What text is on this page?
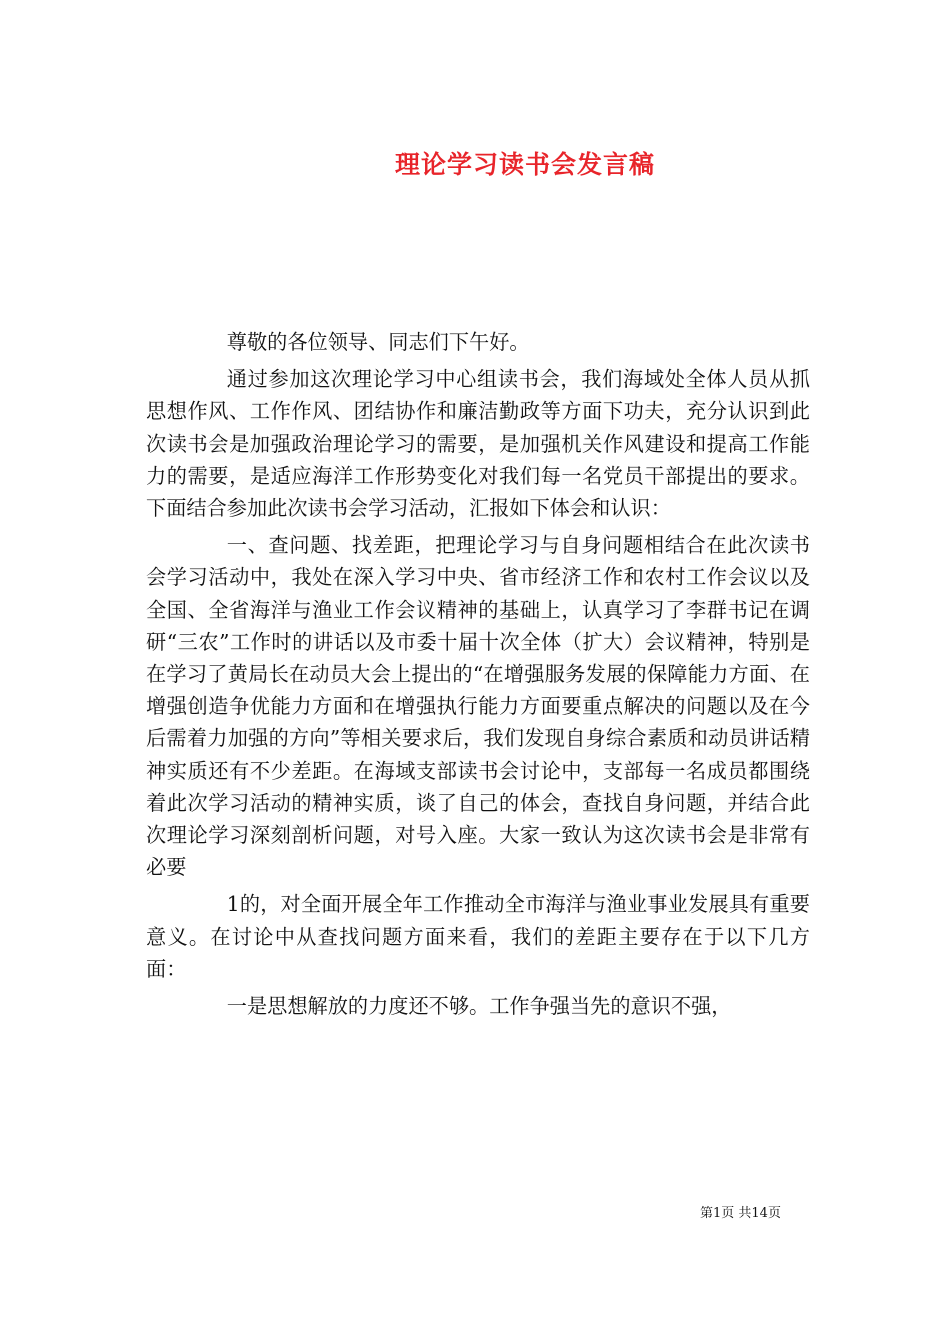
理论学习读书会发言稿

尊敬的各位领导、同志们下午好。

通过参加这次理论学习中心组读书会，我们海域处全体人员从抓思想作风、工作作风、团结协作和廉洁勤政等方面下功夫，充分认识到此次读书会是加强政治理论学习的需要，是加强机关作风建设和提高工作能力的需要，是适应海洋工作形势变化对我们每一名党员干部提出的要求。下面结合参加此次读书会学习活动，汇报如下体会和认识：

一、查问题、找差距，把理论学习与自身问题相结合在此次读书会学习活动中，我处在深入学习中央、省市经济工作和农村工作会议以及全国、全省海洋与渔业工作会议精神的基础上，认真学习了李群书记在调研“三农”工作时的讲话以及市委十届十次全体（扩大）会议精神，特别是在学习了黄局长在动员大会上提出的“在增强服务发展的保障能力方面、在增强创造争优能力方面和在增强执行能力方面要重点解决的问题以及在今后需着力加强的方向”等相关要求后，我们发现自身综合素质和动员讲话精神实质还有不少差距。在海域支部读书会讨论中，支部每一名成员都围绕着此次学习活动的精神实质，谈了自己的体会，查找自身问题，并结合此次理论学习深刻剖析问题，对号入座。大家一致认为这次读书会是非常有必要

1的，对全面开展全年工作推动全市海洋与渔业事业发展具有重要意义。在讨论中从查找问题方面来看，我们的差距主要存在于以下几方面：

一是思想解放的力度还不够。工作争强当先的意识不强，

第1页 共14页
